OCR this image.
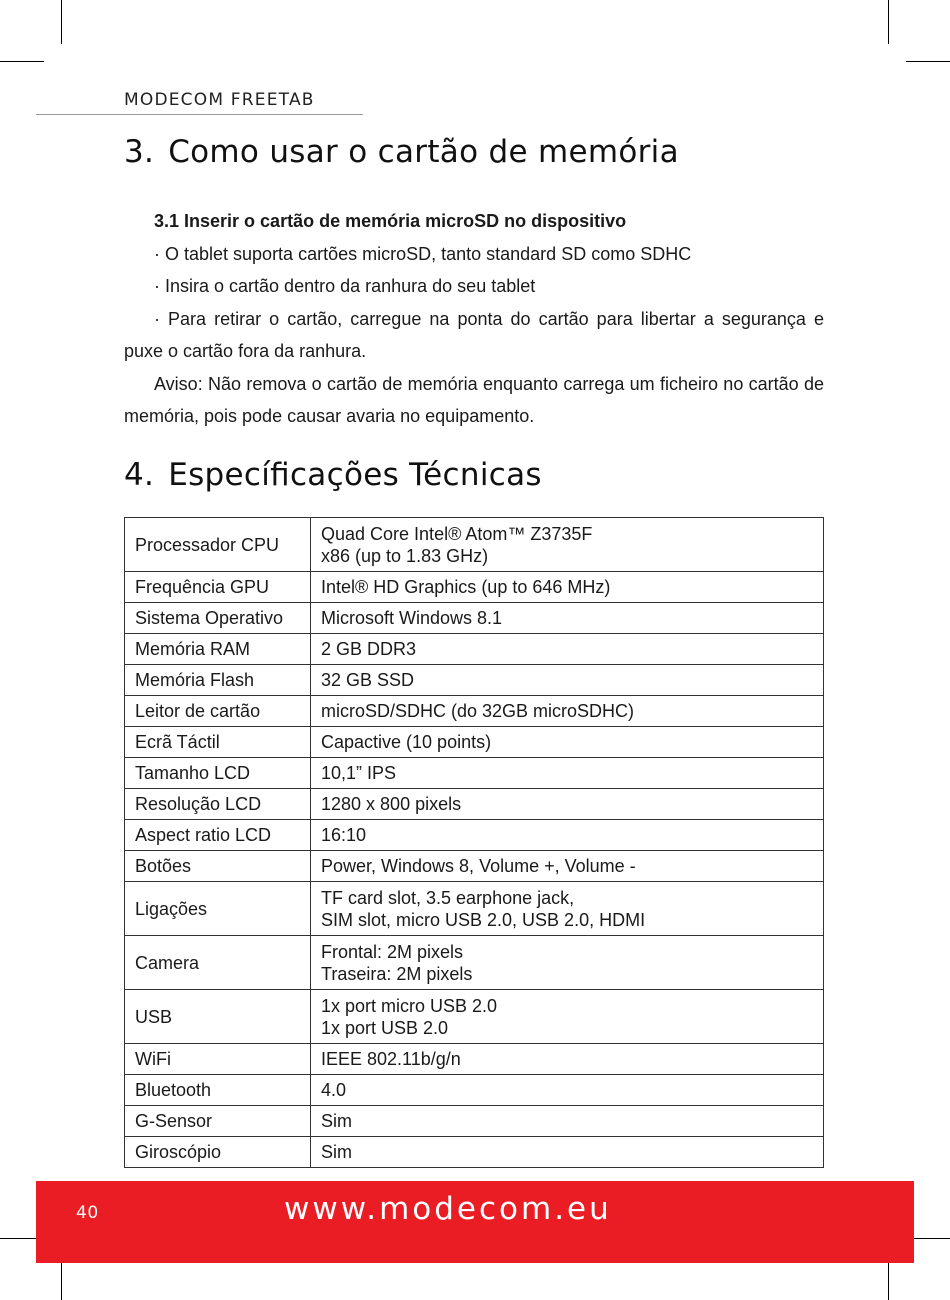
MODECOM FREETAB
3. Como usar o cartão de memória

3.1 Inserir o cartão de memória microSD no dispositivo

· O tablet suporta cartões microSD, tanto standard SD como SDHC

· Insira o cartão dentro da ranhura do seu tablet

· Para retirar o cartão, carregue na ponta do cartão para libertar a segurança e puxe o cartão fora da ranhura.

Aviso: Não remova o cartão de memória enquanto carrega um ficheiro no cartão de memória, pois pode causar avaria no equipamento.

4. Especíﬁcações Técnicas
Processador CPU	Quad Core Intel® Atom™ Z3735F
x86 (up to 1.83 GHz)

Frequência GPU	Intel® HD Graphics (up to 646 MHz)

Sistema Operativo	Microsoft Windows 8.1

Memória RAM	2 GB DDR3

Memória Flash	32 GB SSD

Leitor de cartão	microSD/SDHC (do 32GB microSDHC)

Ecrã Táctil	Capactive (10 points)

Tamanho LCD	10,1” IPS

Resolução LCD	1280 x 800 pixels

Aspect ratio LCD	16:10

Botões	Power, Windows 8, Volume +, Volume -

Ligações	TF card slot, 3.5 earphone jack,
SIM slot, micro USB 2.0, USB 2.0, HDMI

Camera	Frontal: 2M pixels
Traseira: 2M pixels

USB	1x port micro USB 2.0
1x port USB 2.0

WiFi	IEEE 802.11b/g/n

Bluetooth	4.0

G-Sensor	Sim

Giroscópio	Sim
40	www.modecom.eu
